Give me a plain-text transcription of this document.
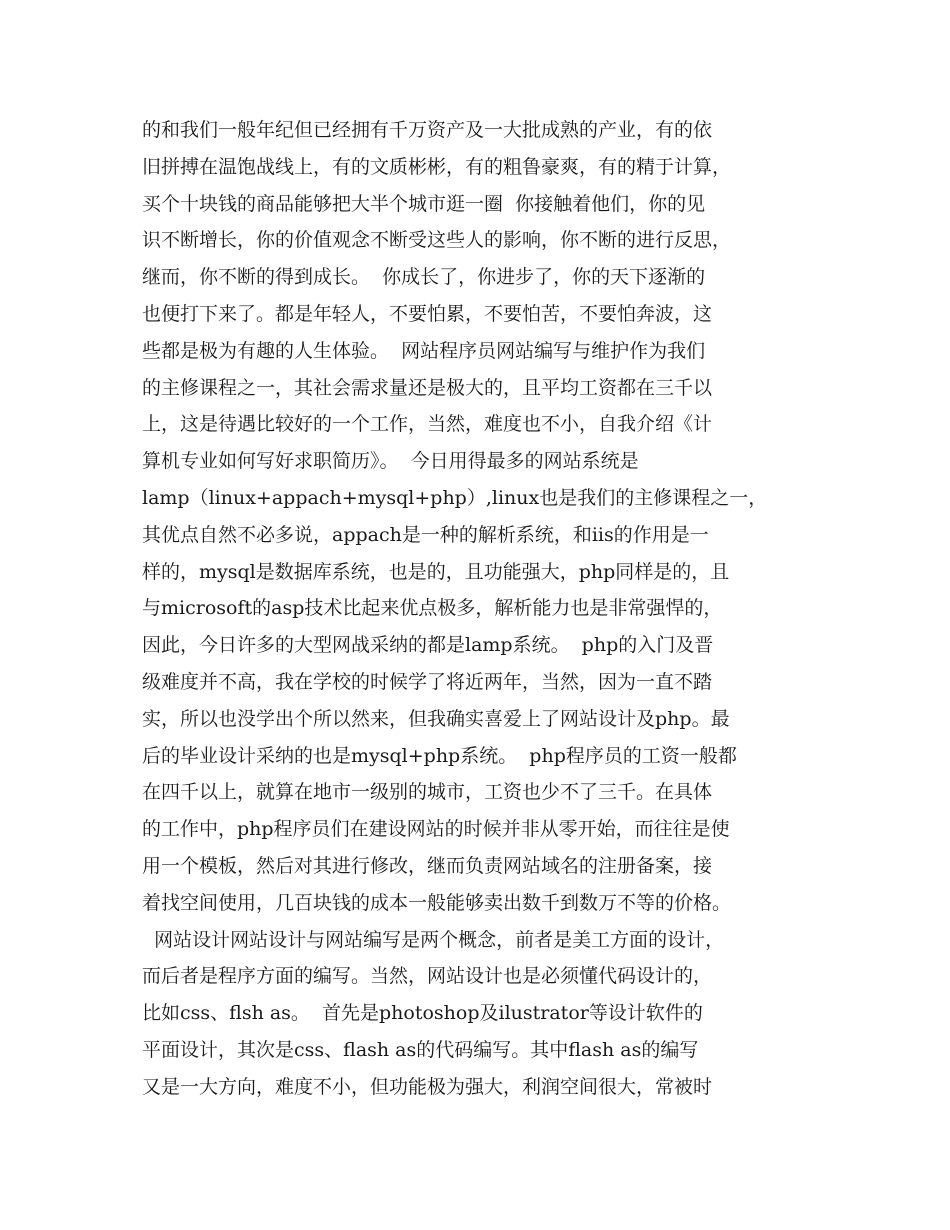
的和我们一般年纪但已经拥有千万资产及一大批成熟的产业，有的依
旧拼搏在温饱战线上，有的文质彬彬，有的粗鲁豪爽，有的精于计算，
买个十块钱的商品能够把大半个城市逛一圈  你接触着他们，你的见
识不断增长，你的价值观念不断受这些人的影响，你不断的进行反思，
继而，你不断的得到成长。  你成长了，你进步了，你的天下逐渐的
也便打下来了。都是年轻人，不要怕累，不要怕苦，不要怕奔波，这
些都是极为有趣的人生体验。  网站程序员网站编写与维护作为我们
的主修课程之一，其社会需求量还是极大的，且平均工资都在三千以
上，这是待遇比较好的一个工作，当然，难度也不小，自我介绍《计
算机专业如何写好求职简历》。  今日用得最多的网站系统是
lamp（linux+appach+mysql+php）,linux也是我们的主修课程之一，
其优点自然不必多说，appach是一种的解析系统，和iis的作用是一
样的，mysql是数据库系统，也是的，且功能强大，php同样是的，且
与microsoft的asp技术比起来优点极多，解析能力也是非常强悍的，
因此，今日许多的大型网战采纳的都是lamp系统。  php的入门及晋
级难度并不高，我在学校的时候学了将近两年，当然，因为一直不踏
实，所以也没学出个所以然来，但我确实喜爱上了网站设计及php。最
后的毕业设计采纳的也是mysql+php系统。  php程序员的工资一般都
在四千以上，就算在地市一级别的城市，工资也少不了三千。在具体
的工作中，php程序员们在建设网站的时候并非从零开始，而往往是使
用一个模板，然后对其进行修改，继而负责网站域名的注册备案，接
着找空间使用，几百块钱的成本一般能够卖出数千到数万不等的价格。
网站设计网站设计与网站编写是两个概念，前者是美工方面的设计，
而后者是程序方面的编写。当然，网站设计也是必须懂代码设计的，
比如css、flsh as。  首先是photoshop及ilustrator等设计软件的
平面设计，其次是css、flash as的代码编写。其中flash as的编写
又是一大方向，难度不小，但功能极为强大，利润空间很大，常被时
